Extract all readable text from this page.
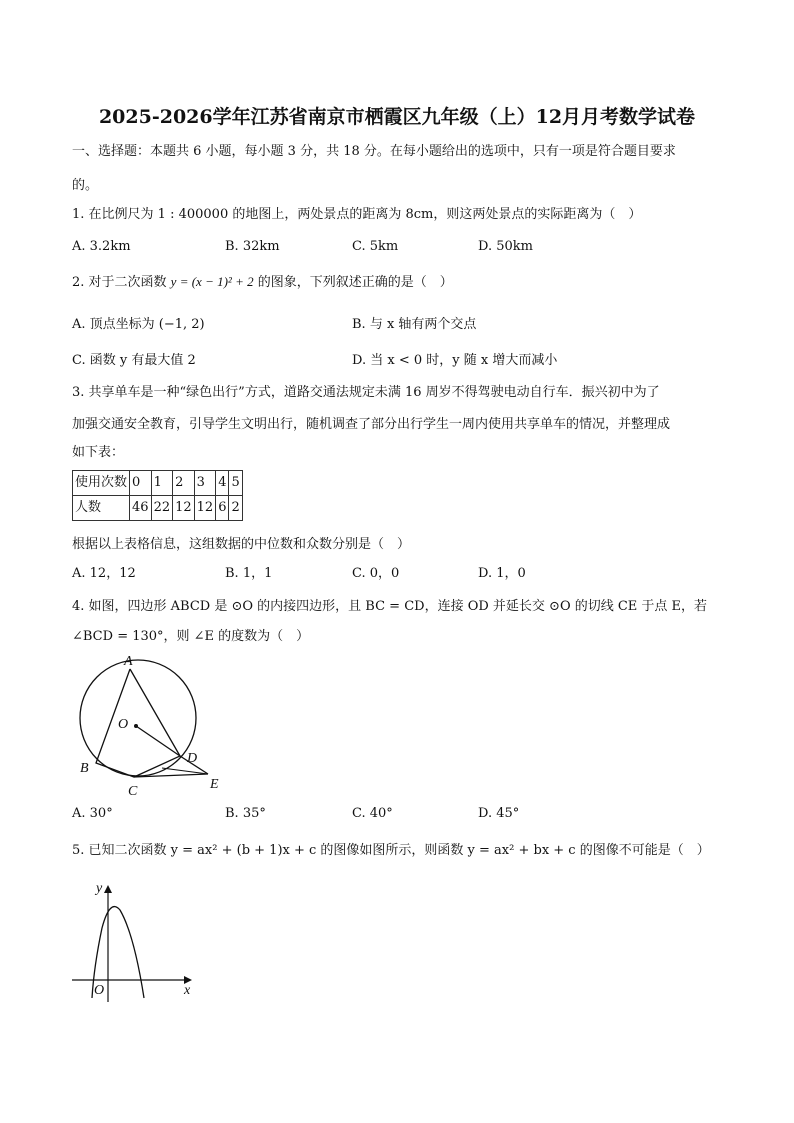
2025-2026学年江苏省南京市栖霞区九年级（上）12月月考数学试卷
一、选择题：本题共 6 小题，每小题 3 分，共 18 分。在每小题给出的选项中，只有一项是符合题目要求
的。
1. 在比例尺为 1 : 400000 的地图上，两处景点的距离为 8cm，则这两处景点的实际距离为（　）
A. 3.2km	B. 32km	C. 5km	D. 50km
2. 对于二次函数 y = (x − 1)² + 2 的图象，下列叙述正确的是（　）
A. 顶点坐标为 (−1, 2)	B. 与 x 轴有两个交点
C. 函数 y 有最大值 2	D. 当 x < 0 时，y 随 x 增大而减小
3. 共享单车是一种“绿色出行”方式，道路交通法规定未满 16 周岁不得驾驶电动自行车．振兴初中为了
加强交通安全教育，引导学生文明出行，随机调查了部分出行学生一周内使用共享单车的情况，并整理成
如下表：
使用次数	0	1	2	3	4	5
人数	46	22	12	12	6	2
根据以上表格信息，这组数据的中位数和众数分别是（　）
A. 12，12	B. 1，1	C. 0，0	D. 1，0
4. 如图，四边形 ABCD 是 ⊙O 的内接四边形，且 BC = CD，连接 OD 并延长交 ⊙O 的切线 CE 于点 E，若
∠BCD = 130°，则 ∠E 的度数为（　）
A
O
D
B
C	E
A. 30°	B. 35°	C. 40°	D. 45°
5. 已知二次函数 y = ax² + (b + 1)x + c 的图像如图所示，则函数 y = ax² + bx + c 的图像不可能是（　）
y
x
O
